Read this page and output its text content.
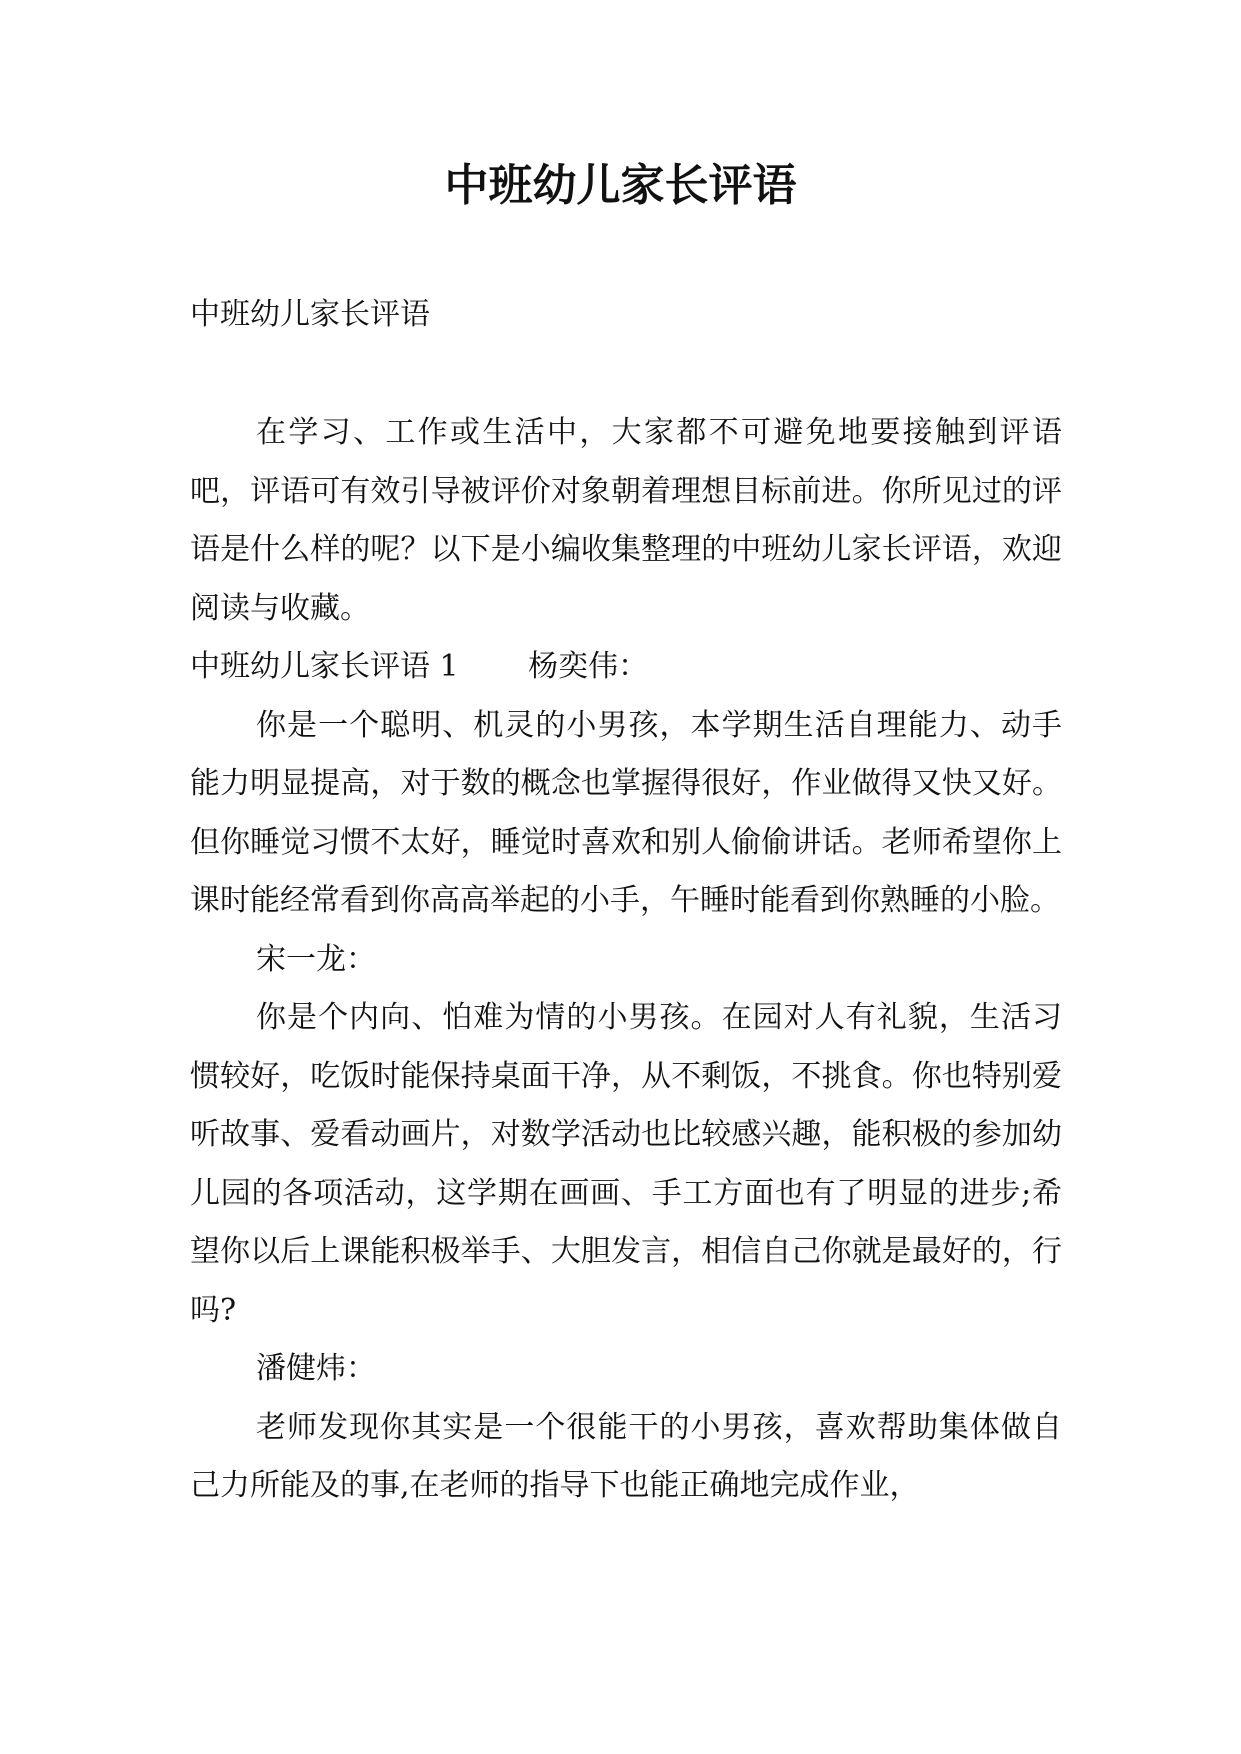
中班幼儿家长评语

中班幼儿家长评语

在学习、工作或生活中，大家都不可避免地要接触到评语吧，评语可有效引导被评价对象朝着理想目标前进。你所见过的评语是什么样的呢？以下是小编收集整理的中班幼儿家长评语，欢迎阅读与收藏。

中班幼儿家长评语 1　　 杨奕伟：

你是一个聪明、机灵的小男孩，本学期生活自理能力、动手能力明显提高，对于数的概念也掌握得很好，作业做得又快又好。但你睡觉习惯不太好，睡觉时喜欢和别人偷偷讲话。老师希望你上课时能经常看到你高高举起的小手，午睡时能看到你熟睡的小脸。

宋一龙：

你是个内向、怕难为情的小男孩。在园对人有礼貌，生活习惯较好，吃饭时能保持桌面干净，从不剩饭，不挑食。你也特别爱听故事、爱看动画片，对数学活动也比较感兴趣，能积极的参加幼儿园的各项活动，这学期在画画、手工方面也有了明显的进步;希望你以后上课能积极举手、大胆发言，相信自己你就是最好的，行吗?

潘健炜：

老师发现你其实是一个很能干的小男孩，喜欢帮助集体做自己力所能及的事,在老师的指导下也能正确地完成作业，
